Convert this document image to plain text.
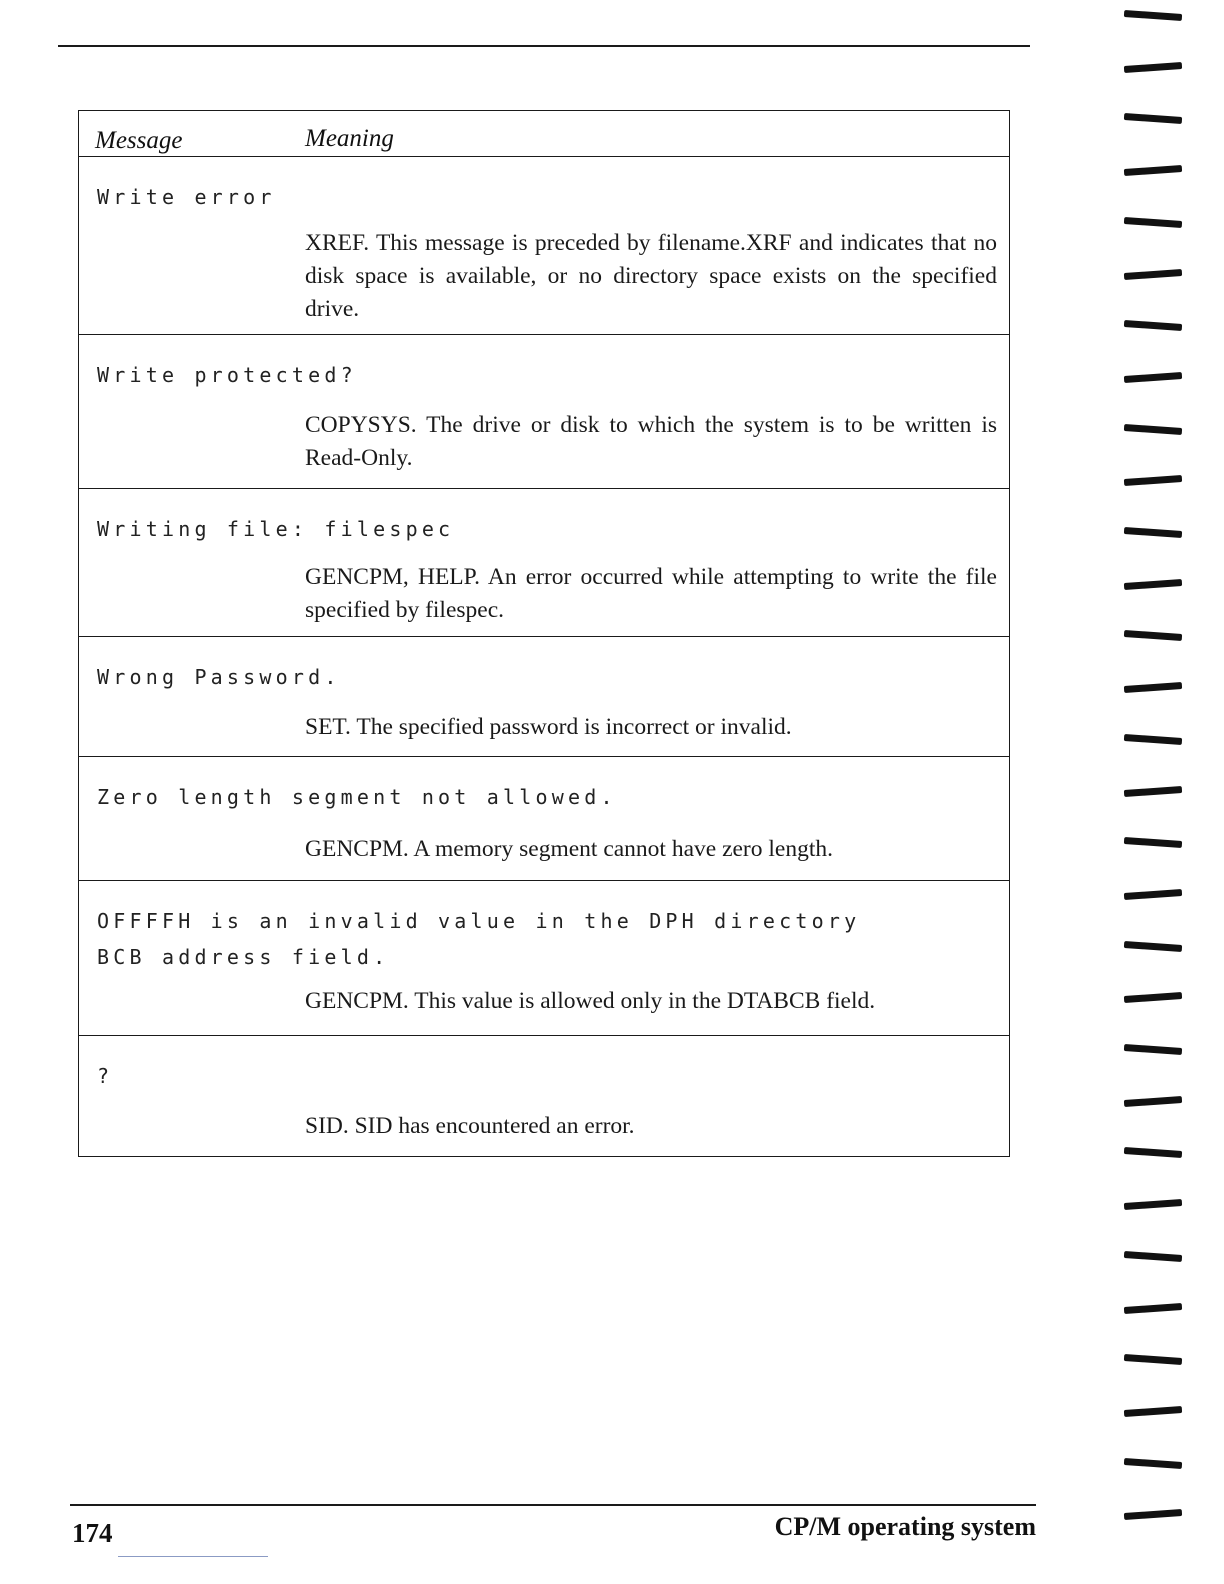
Message	Meaning
Write error
XREF. This message is preceded by filename.XRF and indicates that no disk space is available, or no directory space exists on the specified drive.
Write protected?
COPYSYS. The drive or disk to which the system is to be written is Read-Only.
Writing file: filespec
GENCPM, HELP. An error occurred while attempting to write the file specified by filespec.
Wrong Password.
SET. The specified password is incorrect or invalid.
Zero length segment not allowed.
GENCPM. A memory segment cannot have zero length.
OFFFFH is an invalid value in the DPH directory BCB address field.
GENCPM. This value is allowed only in the DTABCB field.
?
SID. SID has encountered an error.
174	CP/M operating system
